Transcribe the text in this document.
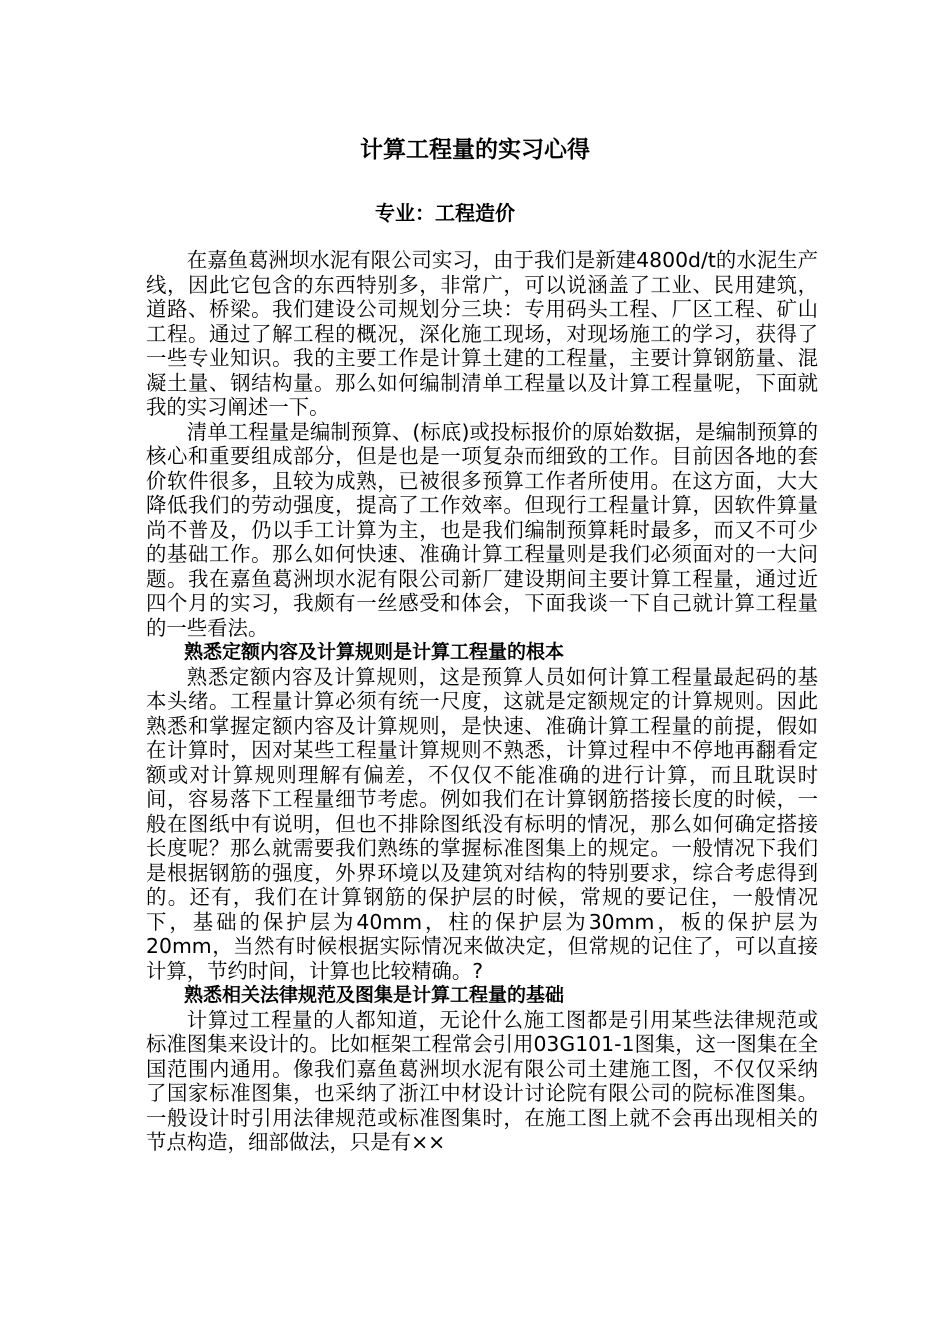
计算工程量的实习心得
专业：工程造价

在嘉鱼葛洲坝水泥有限公司实习，由于我们是新建4800d/t的水泥生产线，因此它包含的东西特别多，非常广，可以说涵盖了工业、民用建筑，道路、桥梁。我们建设公司规划分三块：专用码头工程、厂区工程、矿山工程。通过了解工程的概况，深化施工现场，对现场施工的学习，获得了一些专业知识。我的主要工作是计算土建的工程量，主要计算钢筋量、混凝土量、钢结构量。那么如何编制清单工程量以及计算工程量呢，下面就我的实习阐述一下。

清单工程量是编制预算、(标底)或投标报价的原始数据，是编制预算的核心和重要组成部分，但是也是一项复杂而细致的工作。目前因各地的套价软件很多，且较为成熟，已被很多预算工作者所使用。在这方面，大大降低我们的劳动强度，提高了工作效率。但现行工程量计算，因软件算量尚不普及，仍以手工计算为主，也是我们编制预算耗时最多，而又不可少的基础工作。那么如何快速、准确计算工程量则是我们必须面对的一大问题。我在嘉鱼葛洲坝水泥有限公司新厂建设期间主要计算工程量，通过近四个月的实习，我颇有一丝感受和体会，下面我谈一下自己就计算工程量的一些看法。

熟悉定额内容及计算规则是计算工程量的根本

熟悉定额内容及计算规则，这是预算人员如何计算工程量最起码的基本头绪。工程量计算必须有统一尺度，这就是定额规定的计算规则。因此熟悉和掌握定额内容及计算规则，是快速、准确计算工程量的前提，假如在计算时，因对某些工程量计算规则不熟悉，计算过程中不停地再翻看定额或对计算规则理解有偏差，不仅仅不能准确的进行计算，而且耽误时间，容易落下工程量细节考虑。例如我们在计算钢筋搭接长度的时候，一般在图纸中有说明，但也不排除图纸没有标明的情况，那么如何确定搭接长度呢？那么就需要我们熟练的掌握标准图集上的规定。一般情况下我们是根据钢筋的强度，外界环境以及建筑对结构的特别要求，综合考虑得到的。还有，我们在计算钢筋的保护层的时候，常规的要记住，一般情况下，基础的保护层为40mm，柱的保护层为30mm，板的保护层为20mm，当然有时候根据实际情况来做决定，但常规的记住了，可以直接计算，节约时间，计算也比较精确。?

熟悉相关法律规范及图集是计算工程量的基础

计算过工程量的人都知道，无论什么施工图都是引用某些法律规范或标准图集来设计的。比如框架工程常会引用03G101-1图集，这一图集在全国范围内通用。像我们嘉鱼葛洲坝水泥有限公司土建施工图，不仅仅采纳了国家标准图集，也采纳了浙江中材设计讨论院有限公司的院标准图集。一般设计时引用法律规范或标准图集时，在施工图上就不会再出现相关的节点构造，细部做法，只是有××
